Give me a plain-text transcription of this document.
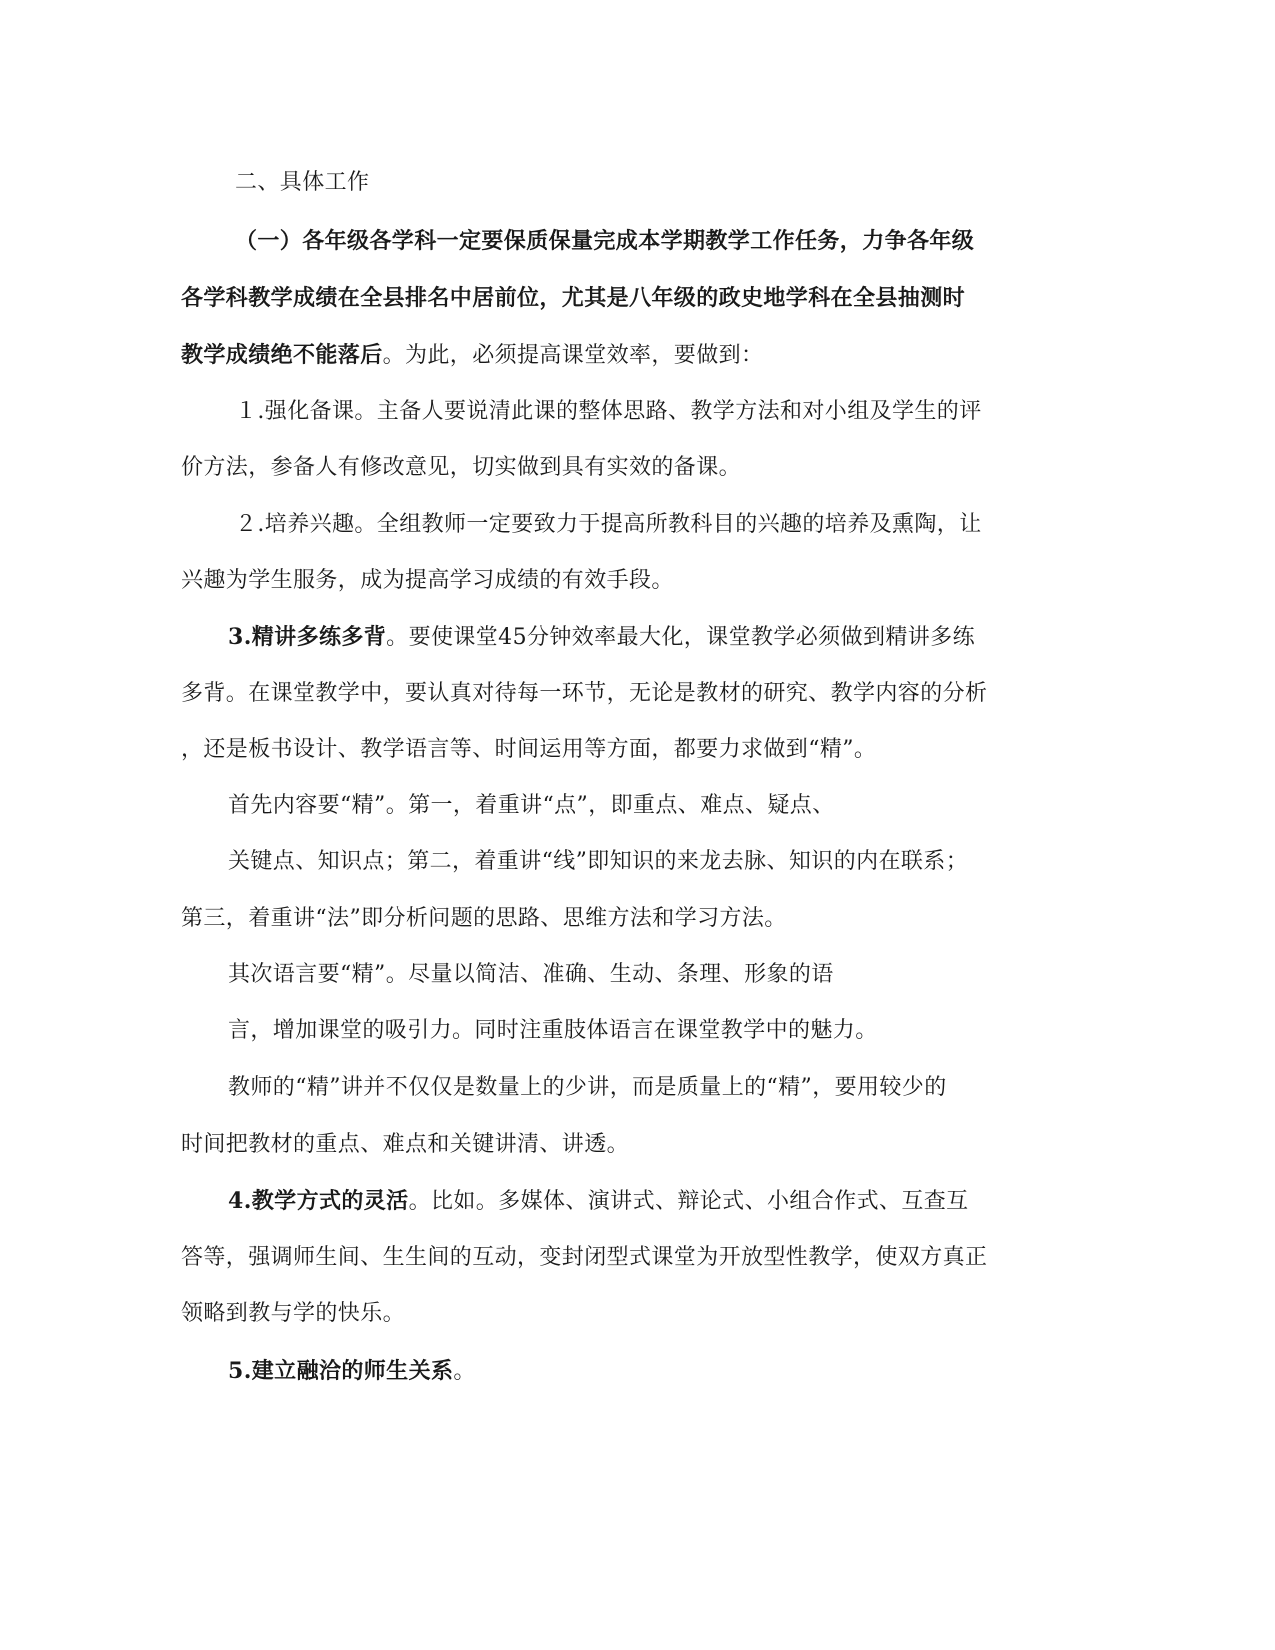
二、具体工作

（一）各年级各学科一定要保质保量完成本学期教学工作任务，力争各年级

各学科教学成绩在全县排名中居前位，尤其是八年级的政史地学科在全县抽测时

教学成绩绝不能落后。为此，必须提高课堂效率，要做到：

１.强化备课。主备人要说清此课的整体思路、教学方法和对小组及学生的评

价方法，参备人有修改意见，切实做到具有实效的备课。

２.培养兴趣。全组教师一定要致力于提高所教科目的兴趣的培养及熏陶，让

兴趣为学生服务，成为提高学习成绩的有效手段。

3.精讲多练多背。要使课堂45分钟效率最大化，课堂教学必须做到精讲多练

多背。在课堂教学中，要认真对待每一环节，无论是教材的研究、教学内容的分析

，还是板书设计、教学语言等、时间运用等方面，都要力求做到“精”。

首先内容要“精”。第一，着重讲“点”，即重点、难点、疑点、

关键点、知识点；第二，着重讲“线”即知识的来龙去脉、知识的内在联系；

第三，着重讲“法”即分析问题的思路、思维方法和学习方法。

其次语言要“精”。尽量以简洁、准确、生动、条理、形象的语

言，增加课堂的吸引力。同时注重肢体语言在课堂教学中的魅力。

教师的“精”讲并不仅仅是数量上的少讲，而是质量上的“精”，要用较少的

时间把教材的重点、难点和关键讲清、讲透。

4.教学方式的灵活。比如。多媒体、演讲式、辩论式、小组合作式、互查互

答等，强调师生间、生生间的互动，变封闭型式课堂为开放型性教学，使双方真正

领略到教与学的快乐。

5.建立融洽的师生关系。
